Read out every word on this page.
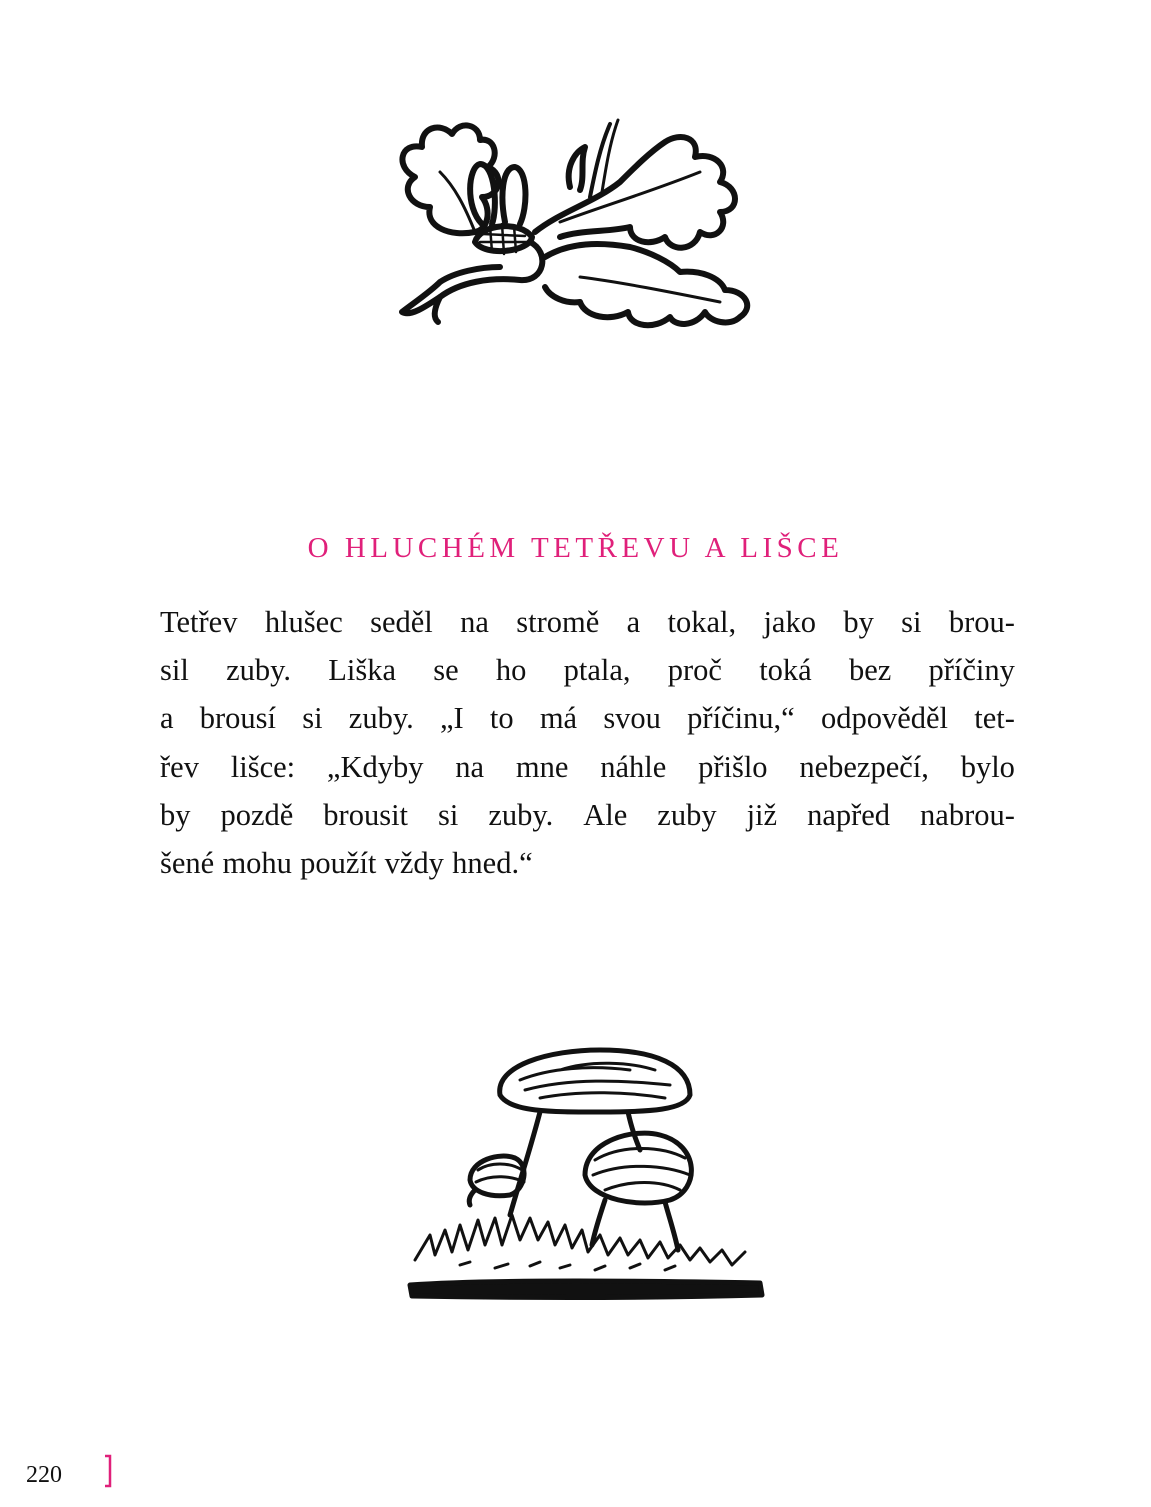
O HLUCHÉM TETŘEVU A LIŠCE
Tetřev hlušec seděl na stromě a tokal, jako by si brou-
sil zuby. Liška se ho ptala, proč toká bez příčiny
a brousí si zuby. „I to má svou příčinu,“ odpověděl tet-
řev lišce: „Kdyby na mne náhle přišlo nebezpečí, bylo
by pozdě brousit si zuby. Ale zuby již napřed nabrou-
šené mohu použít vždy hned.“
220
